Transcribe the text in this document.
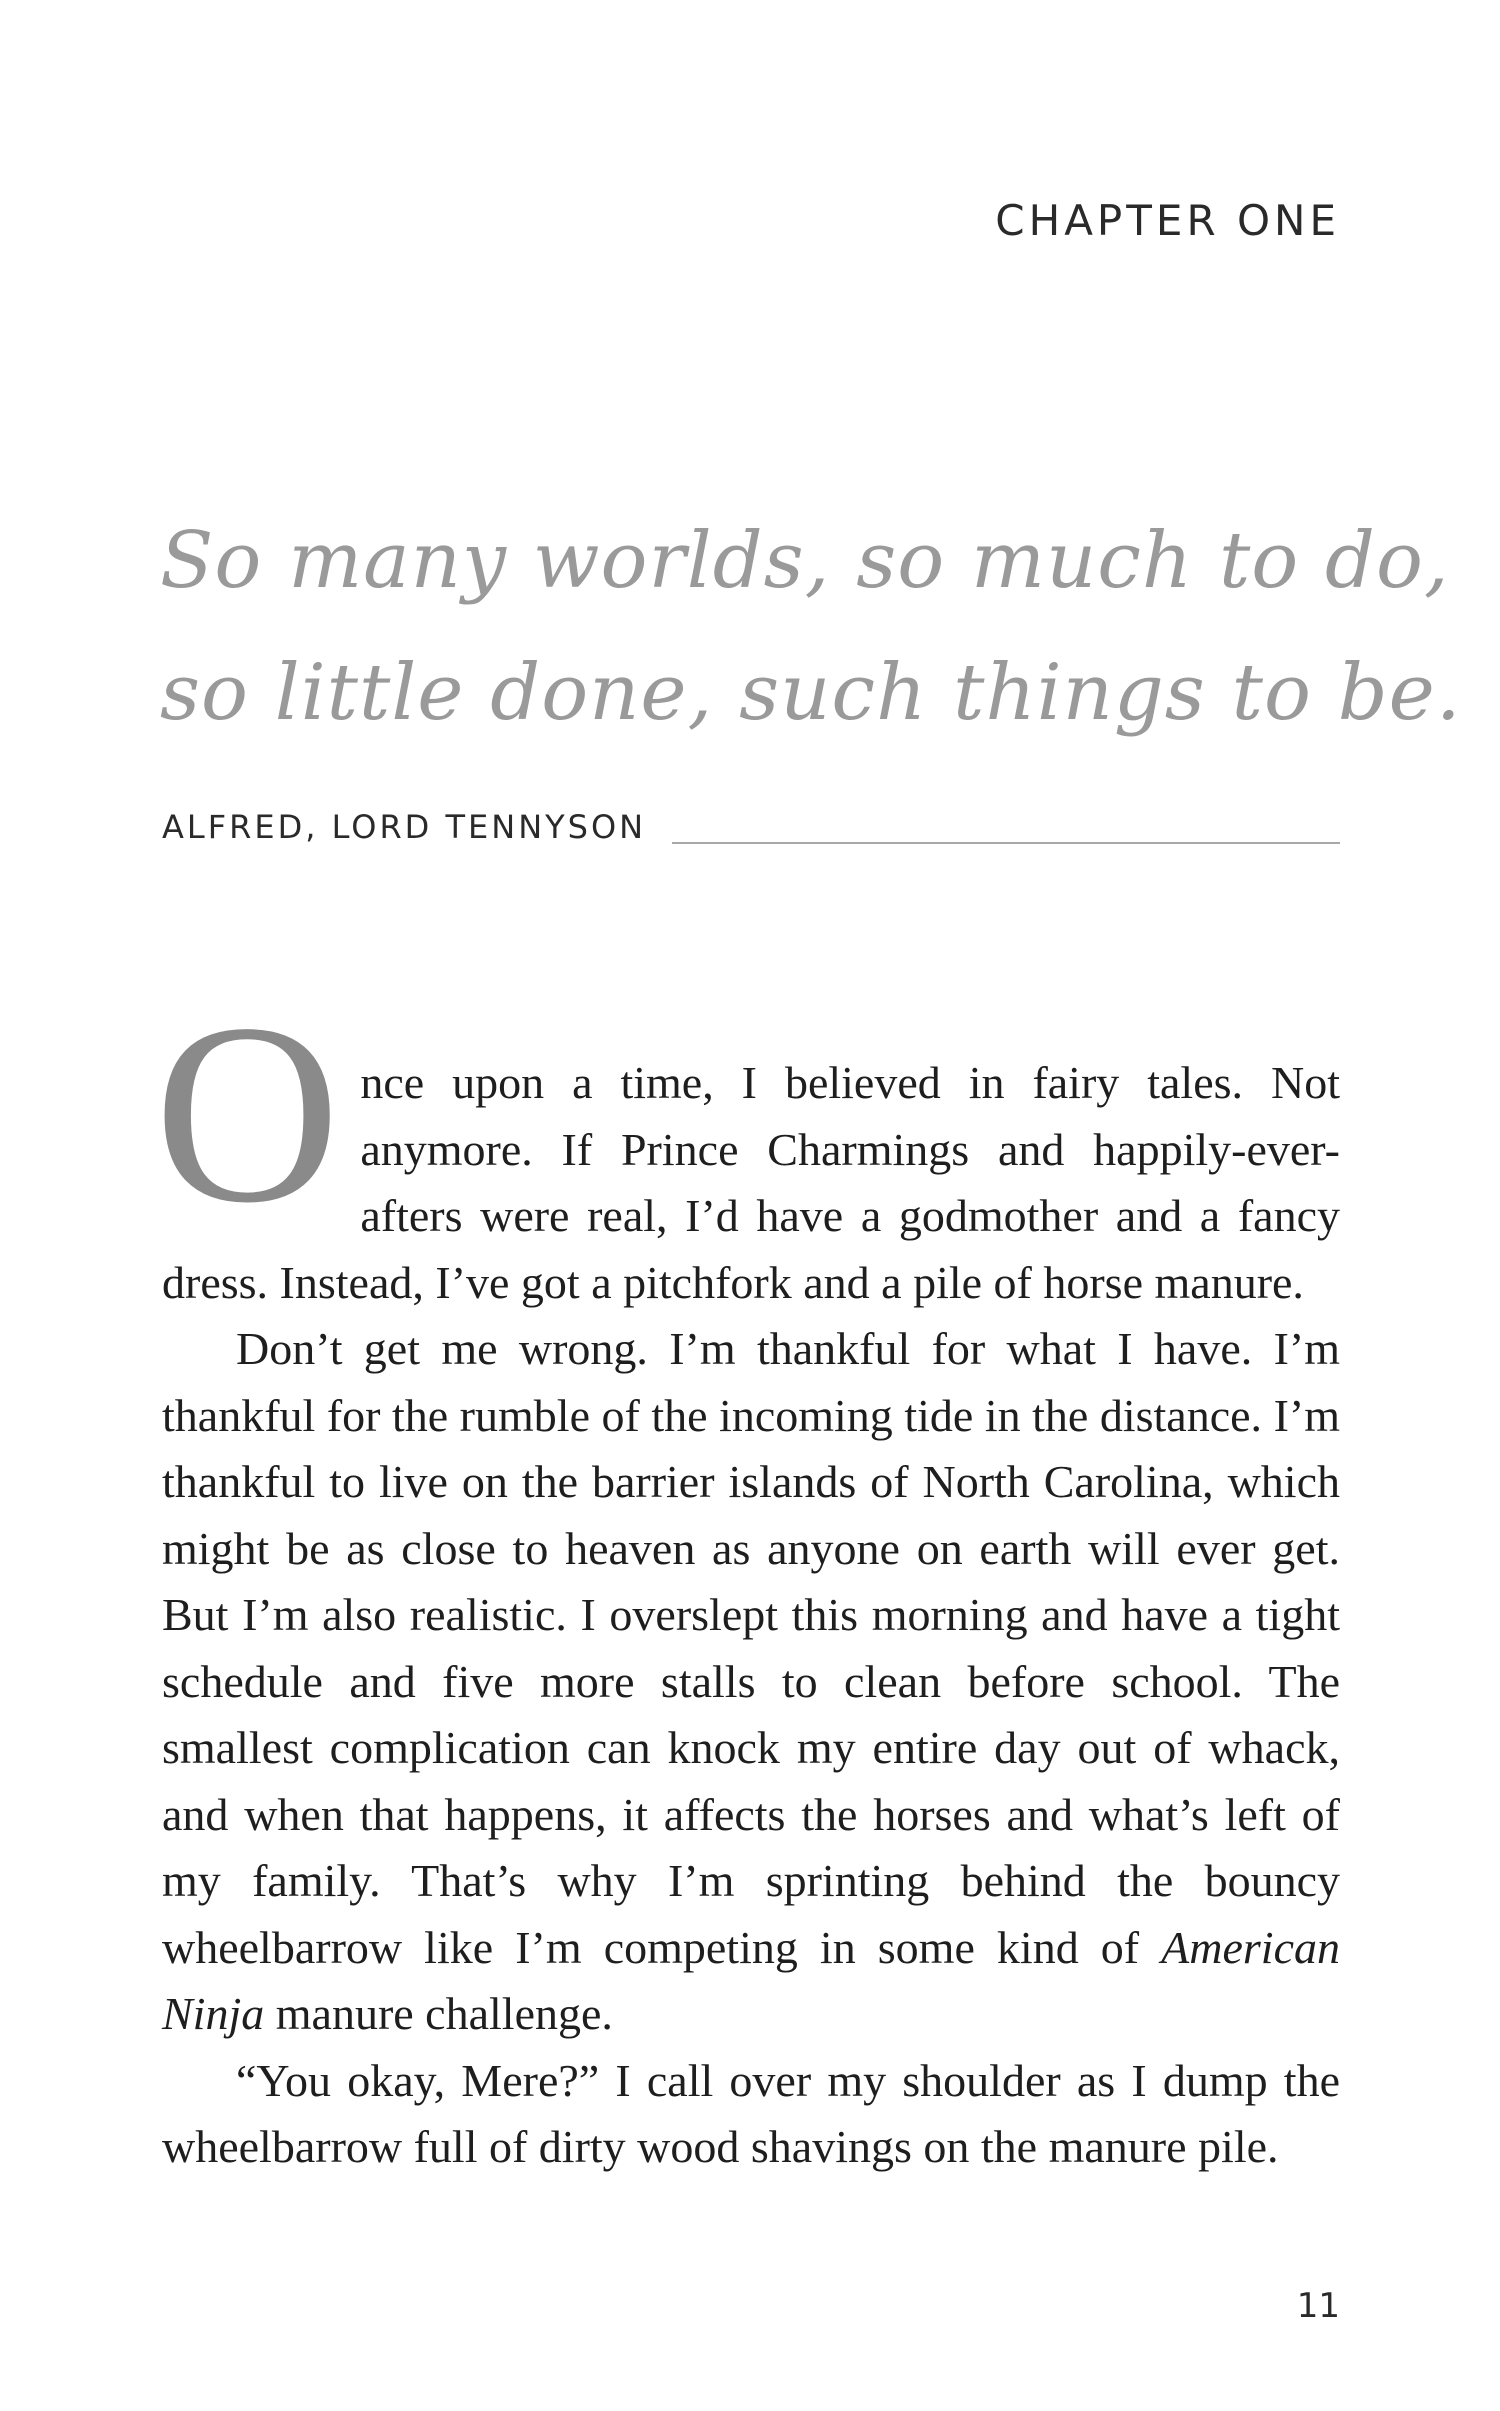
CHAPTER ONE
So many worlds, so much to do,
so little done, such things to be.
ALFRED, LORD TENNYSON

Once upon a time, I believed in fairy tales. Not anymore. If Prince Charmings and happily-ever-afters were real, I’d have a godmother and a fancy dress. Instead, I’ve got a pitchfork and a pile of horse manure.

Don’t get me wrong. I’m thankful for what I have. I’m thankful for the rumble of the incoming tide in the distance. I’m thankful to live on the barrier islands of North Carolina, which might be as close to heaven as anyone on earth will ever get. But I’m also realistic. I overslept this morning and have a tight schedule and five more stalls to clean before school. The smallest complication can knock my entire day out of whack, and when that happens, it affects the horses and what’s left of my family. That’s why I’m sprinting behind the bouncy wheelbarrow like I’m competing in some kind of American Ninja manure challenge.

“You okay, Mere?” I call over my shoulder as I dump the wheelbarrow full of dirty wood shavings on the manure pile.

11
